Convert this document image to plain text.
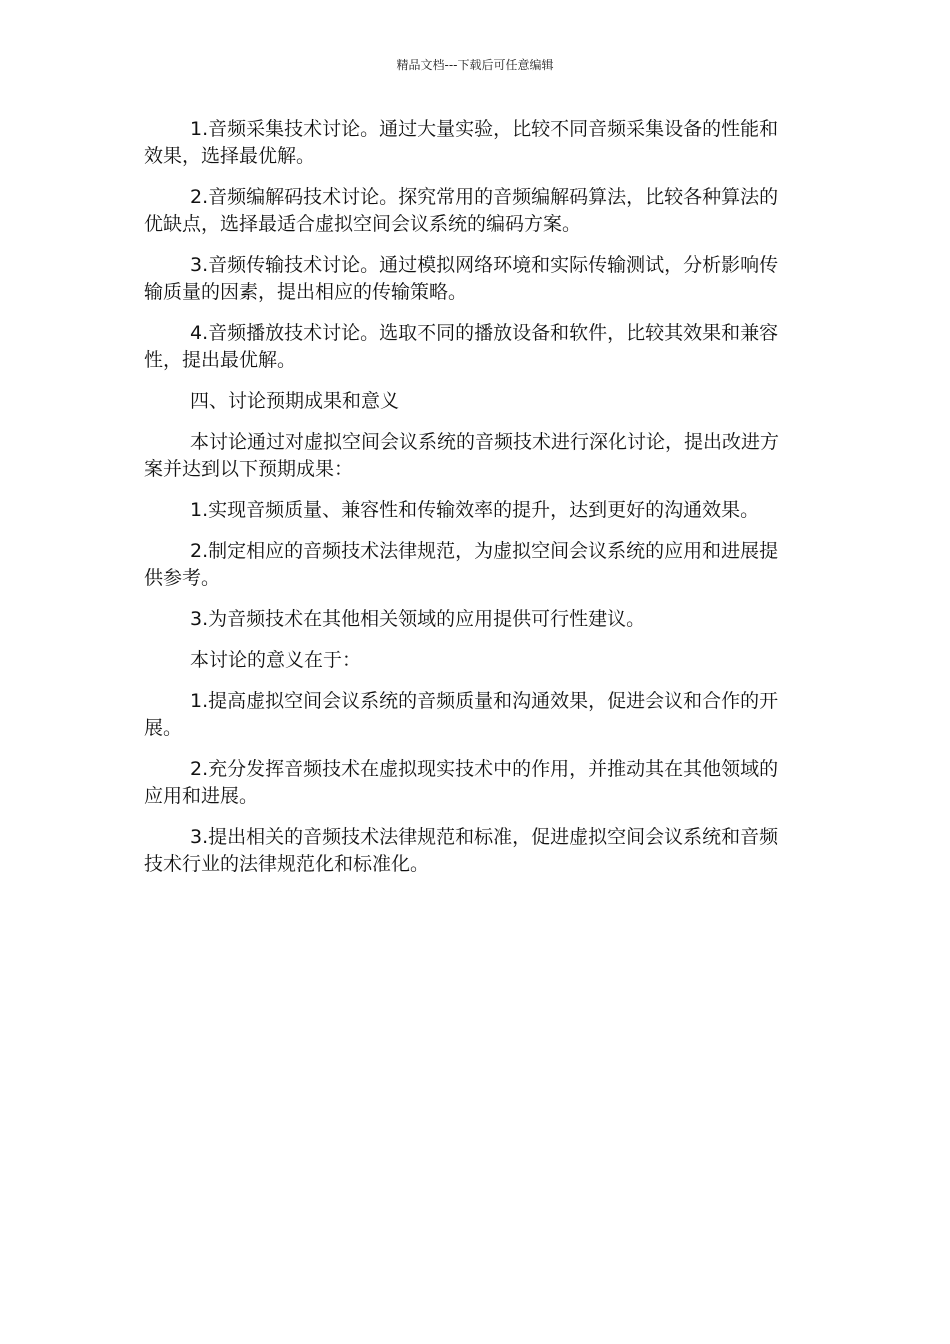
精品文档---下载后可任意编辑

1.音频采集技术讨论。通过大量实验，比较不同音频采集设备的性能和效果，选择最优解。

2.音频编解码技术讨论。探究常用的音频编解码算法，比较各种算法的优缺点，选择最适合虚拟空间会议系统的编码方案。

3.音频传输技术讨论。通过模拟网络环境和实际传输测试，分析影响传输质量的因素，提出相应的传输策略。

4.音频播放技术讨论。选取不同的播放设备和软件，比较其效果和兼容性，提出最优解。

四、讨论预期成果和意义

本讨论通过对虚拟空间会议系统的音频技术进行深化讨论，提出改进方案并达到以下预期成果：

1.实现音频质量、兼容性和传输效率的提升，达到更好的沟通效果。

2.制定相应的音频技术法律规范，为虚拟空间会议系统的应用和进展提供参考。

3.为音频技术在其他相关领域的应用提供可行性建议。

本讨论的意义在于：

1.提高虚拟空间会议系统的音频质量和沟通效果，促进会议和合作的开展。

2.充分发挥音频技术在虚拟现实技术中的作用，并推动其在其他领域的应用和进展。

3.提出相关的音频技术法律规范和标准，促进虚拟空间会议系统和音频技术行业的法律规范化和标准化。
